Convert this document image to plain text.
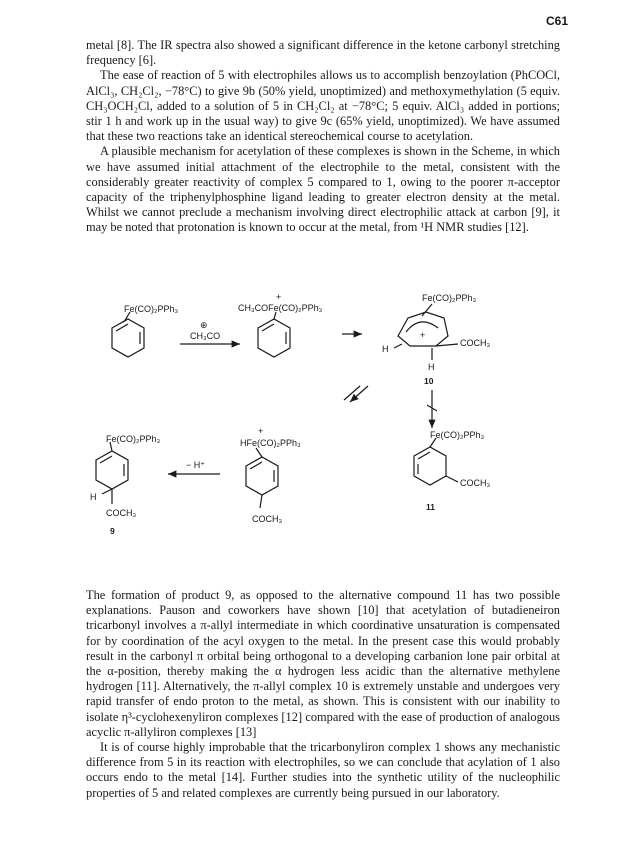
C61

metal [8]. The IR spectra also showed a significant difference in the ketone carbonyl stretching frequency [6].

The ease of reaction of 5 with electrophiles allows us to accomplish benzoylation (PhCOCl, AlCl₃, CH₂Cl₂, −78°C) to give 9b (50% yield, unoptimized) and methoxymethylation (5 equiv. CH₃OCH₂Cl, added to a solution of 5 in CH₂Cl₂ at −78°C; 5 equiv. AlCl₃ added in portions; stir 1 h and work up in the usual way) to give 9c (65% yield, unoptimized). We have assumed that these two reactions take an identical stereochemical course to acetylation.

A plausible mechanism for acetylation of these complexes is shown in the Scheme, in which we have assumed initial attachment of the electrophile to the metal, consistent with the considerably greater reactivity of complex 5 compared to 1, owing to the poorer π-acceptor capacity of the triphenylphosphine ligand leading to greater electron density at the metal. Whilst we cannot preclude a mechanism involving direct electrophilic attack at carbon [9], it may be noted that protonation is known to occur at the metal, from ¹H NMR studies [12].

Fe(CO)₂PPh₃
⊕
CH₃CO
+
CH₃COFe(CO)₂PPh₃
+
Fe(CO)₂PPh₃
COCH₃
H
H
10
Fe(CO)₂PPh₃
COCH₃
11
+
HFe(CO)₂PPh₃
COCH₃
− H⁺
Fe(CO)₂PPh₃
H
COCH₃
9

The formation of product 9, as opposed to the alternative compound 11 has two possible explanations. Pauson and coworkers have shown [10] that acetylation of butadieneiron tricarbonyl involves a π-allyl intermediate in which coordinative unsaturation is compensated for by coordination of the acyl oxygen to the metal. In the present case this would probably result in the carbonyl π orbital being orthogonal to a developing carbanion lone pair orbital at the α-position, thereby making the α hydrogen less acidic than the alternative methylene hydrogen [11]. Alternatively, the π-allyl complex 10 is extremely unstable and undergoes very rapid transfer of endo proton to the metal, as shown. This is consistent with our inability to isolate η³-cyclohexenyliron complexes [12] compared with the ease of production of analogous acyclic π-allyliron complexes [13]

It is of course highly improbable that the tricarbonyliron complex 1 shows any mechanistic difference from 5 in its reaction with electrophiles, so we can conclude that acylation of 1 also occurs endo to the metal [14]. Further studies into the synthetic utility of the nucleophilic properties of 5 and related complexes are currently being pursued in our laboratory.
